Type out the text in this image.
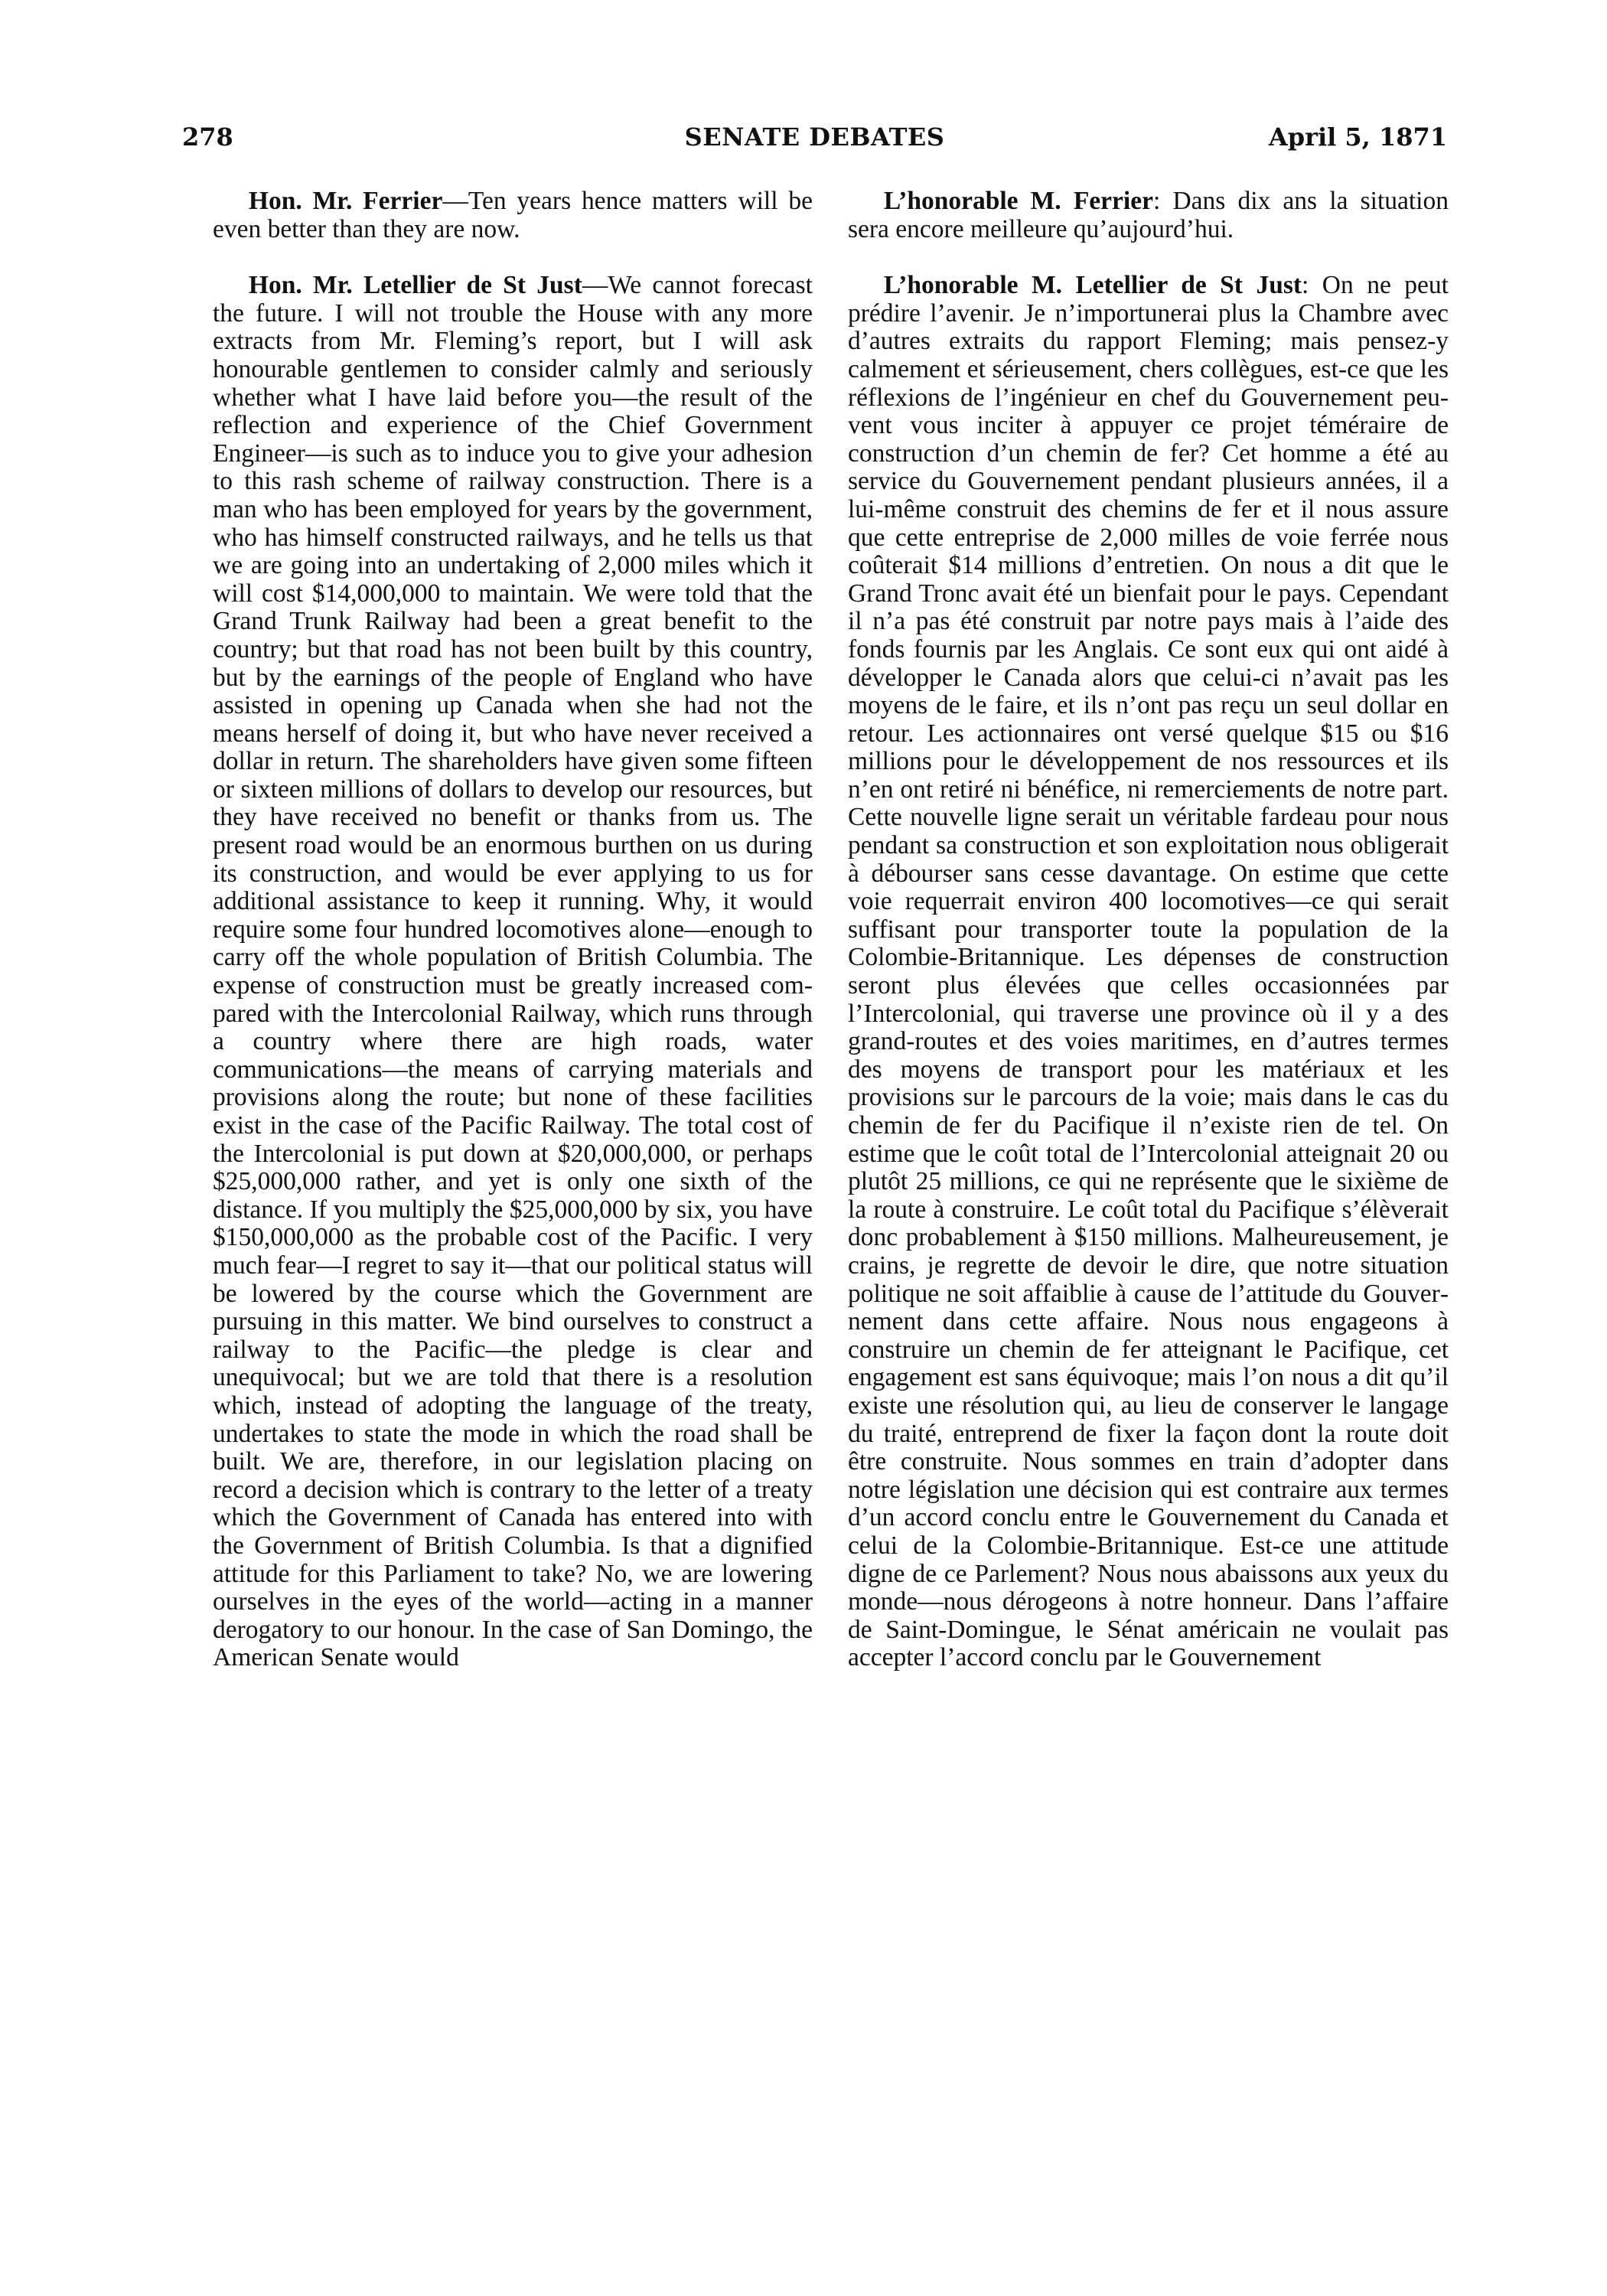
278	SENATE DEBATES	April 5, 1871

Hon. Mr. Ferrier—Ten years hence matters will be even better than they are now.

Hon. Mr. Letellier de St Just—We cannot forecast the future. I will not trouble the House with any more extracts from Mr. Fleming’s report, but I will ask honourable gentlemen to consider calmly and seriously whether what I have laid before you—the result of the reflection and experience of the Chief Government Engineer—is such as to induce you to give your adhesion to this rash scheme of railway construction. There is a man who has been employed for years by the government, who has himself constructed railways, and he tells us that we are going into an undertaking of 2,000 miles which it will cost $14,000,000 to maintain. We were told that the Grand Trunk Railway had been a great benefit to the country; but that road has not been built by this country, but by the earnings of the people of England who have assisted in opening up Canada when she had not the means herself of doing it, but who have never received a dollar in return. The shareholders have given some fifteen or sixteen millions of dollars to develop our resources, but they have received no benefit or thanks from us. The present road would be an enormous burthen on us during its construction, and would be ever applying to us for additional assistance to keep it running. Why, it would require some four hundred locomotives alone—enough to carry off the whole population of British Columbia. The expense of construction must be greatly increased compared with the Intercolonial Railway, which runs through a country where there are high roads, water communications—the means of carrying materials and provisions along the route; but none of these facilities exist in the case of the Pacific Railway. The total cost of the Intercolonial is put down at $20,000,000, or perhaps $25,000,000 rather, and yet is only one sixth of the distance. If you multiply the $25,000,000 by six, you have $150,000,000 as the probable cost of the Pacific. I very much fear—I regret to say it—that our political status will be lowered by the course which the Government are pursuing in this matter. We bind ourselves to construct a railway to the Pacific—the pledge is clear and unequivocal; but we are told that there is a resolution which, instead of adopting the language of the treaty, undertakes to state the mode in which the road shall be built. We are, therefore, in our legislation placing on record a decision which is contrary to the letter of a treaty which the Government of Canada has entered into with the Government of British Columbia. Is that a dignified attitude for this Parliament to take? No, we are lowering ourselves in the eyes of the world—acting in a manner derogatory to our honour. In the case of San Domingo, the American Senate would

L’honorable M. Ferrier: Dans dix ans la situation sera encore meilleure qu’aujourd’hui.

L’honorable M. Letellier de St Just: On ne peut prédire l’avenir. Je n’importunerai plus la Chambre avec d’autres extraits du rapport Fleming; mais pensez-y calmement et sérieusement, chers collègues, est-ce que les réflexions de l’ingénieur en chef du Gouvernement peuvent vous inciter à appuyer ce projet téméraire de construction d’un chemin de fer? Cet homme a été au service du Gouvernement pendant plusieurs années, il a lui-même construit des chemins de fer et il nous assure que cette entreprise de 2,000 milles de voie ferrée nous coûterait $14 millions d’entretien. On nous a dit que le Grand Tronc avait été un bienfait pour le pays. Cependant il n’a pas été construit par notre pays mais à l’aide des fonds fournis par les Anglais. Ce sont eux qui ont aidé à développer le Canada alors que celui-ci n’avait pas les moyens de le faire, et ils n’ont pas reçu un seul dollar en retour. Les actionnaires ont versé quelque $15 ou $16 millions pour le développement de nos ressources et ils n’en ont retiré ni bénéfice, ni remerciements de notre part. Cette nouvelle ligne serait un véritable fardeau pour nous pendant sa construction et son exploitation nous obligerait à débourser sans cesse davantage. On estime que cette voie requerrait environ 400 locomotives—ce qui serait suffisant pour transporter toute la population de la Colombie-Britannique. Les dépenses de construction seront plus élevées que celles occasionnées par l’Intercolonial, qui traverse une province où il y a des grand-routes et des voies maritimes, en d’autres termes des moyens de transport pour les matériaux et les provisions sur le parcours de la voie; mais dans le cas du chemin de fer du Pacifique il n’existe rien de tel. On estime que le coût total de l’Intercolonial atteignait 20 ou plutôt 25 millions, ce qui ne représente que le sixième de la route à construire. Le coût total du Pacifique s’élèverait donc probablement à $150 millions. Malheureusement, je crains, je regrette de devoir le dire, que notre situation politique ne soit affaiblie à cause de l’attitude du Gouvernement dans cette affaire. Nous nous engageons à construire un chemin de fer atteignant le Pacifique, cet engagement est sans équivoque; mais l’on nous a dit qu’il existe une résolution qui, au lieu de conserver le langage du traité, entreprend de fixer la façon dont la route doit être construite. Nous sommes en train d’adopter dans notre législation une décision qui est contraire aux termes d’un accord conclu entre le Gouvernement du Canada et celui de la Colombie-Britannique. Est-ce une attitude digne de ce Parlement? Nous nous abaissons aux yeux du monde—nous dérogeons à notre honneur. Dans l’affaire de Saint-Domingue, le Sénat américain ne voulait pas accepter l’accord conclu par le Gouvernement
